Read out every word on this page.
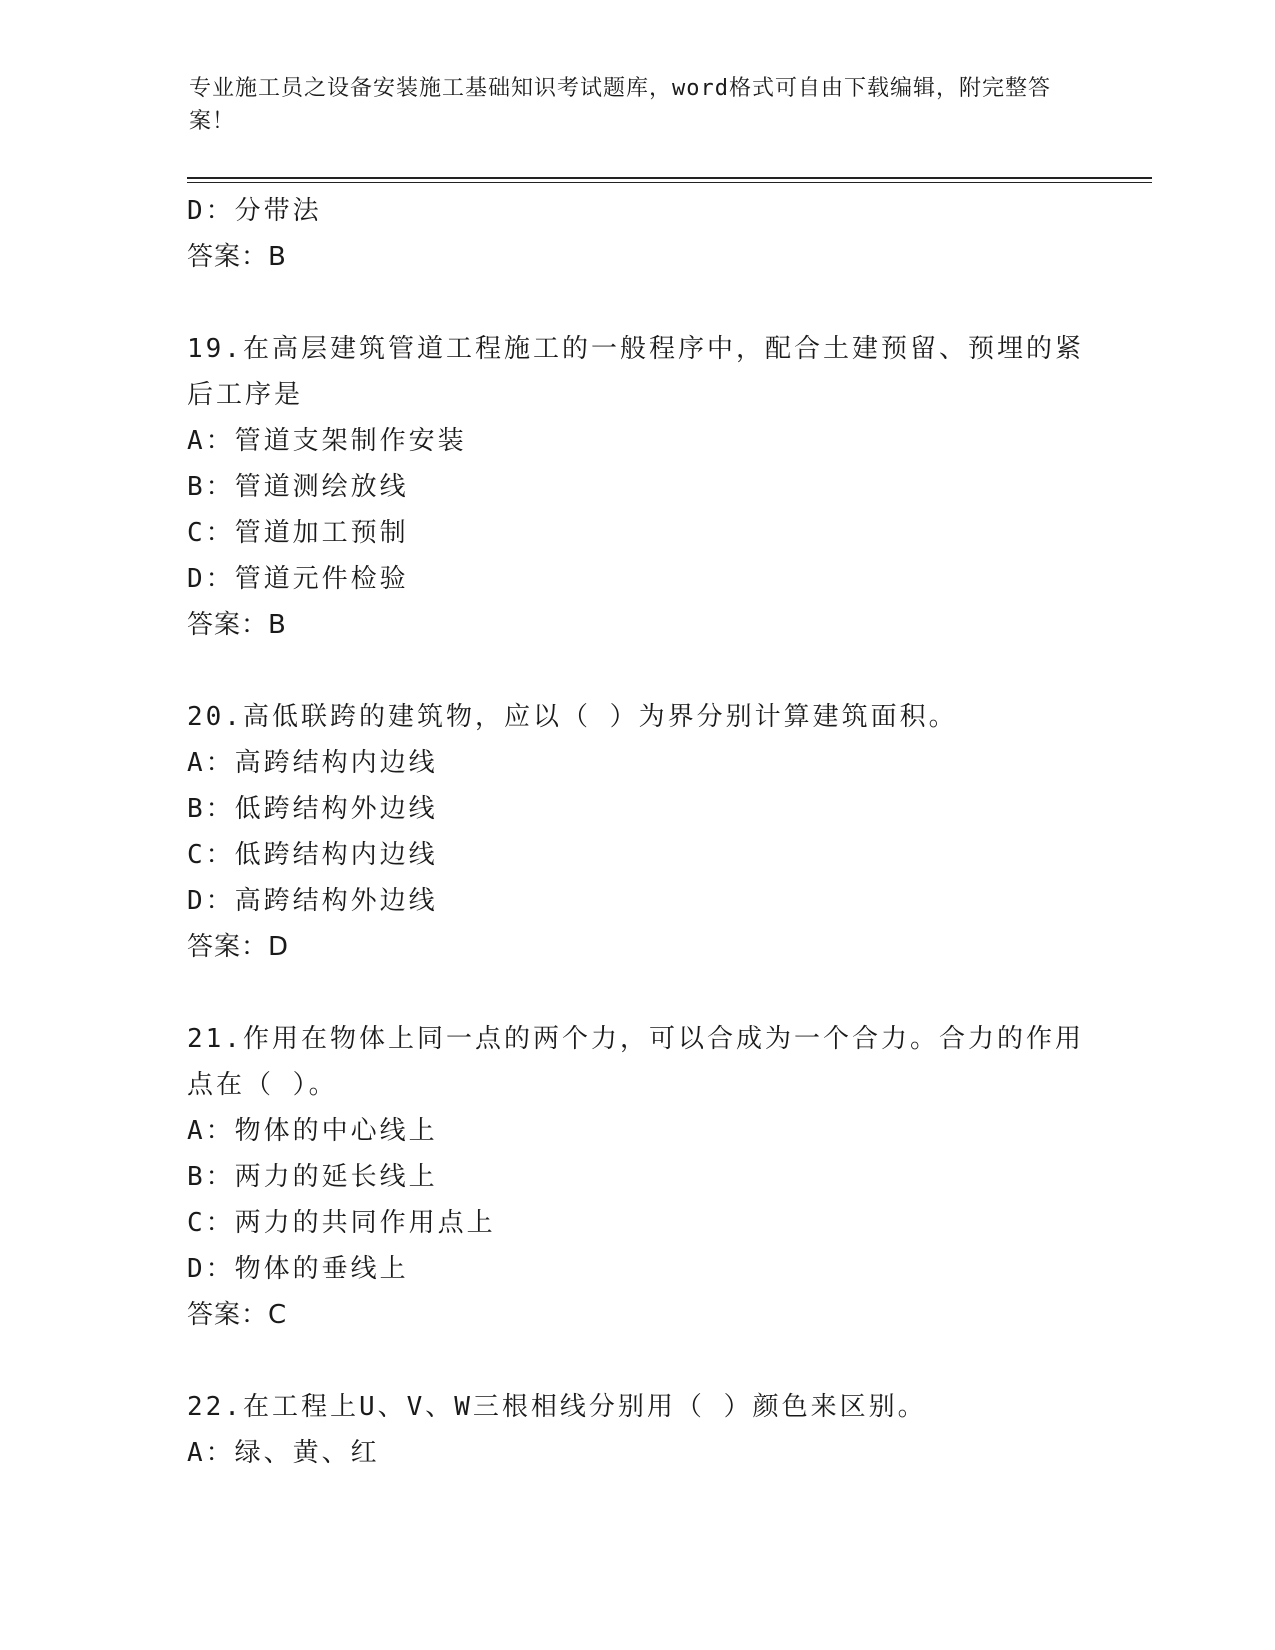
专业施工员之设备安装施工基础知识考试题库，word格式可自由下载编辑，附完整答案！
D：分带法
答案：B
19.在高层建筑管道工程施工的一般程序中，配合土建预留、预埋的紧
后工序是
A：管道支架制作安装
B：管道测绘放线
C：管道加工预制
D：管道元件检验
答案：B
20.高低联跨的建筑物，应以（ ）为界分别计算建筑面积。
A：高跨结构内边线
B：低跨结构外边线
C：低跨结构内边线
D：高跨结构外边线
答案：D
21.作用在物体上同一点的两个力，可以合成为一个合力。合力的作用
点在（ ）。
A：物体的中心线上
B：两力的延长线上
C：两力的共同作用点上
D：物体的垂线上
答案：C
22.在工程上U、V、W三根相线分别用（ ）颜色来区别。
A：绿、黄、红
